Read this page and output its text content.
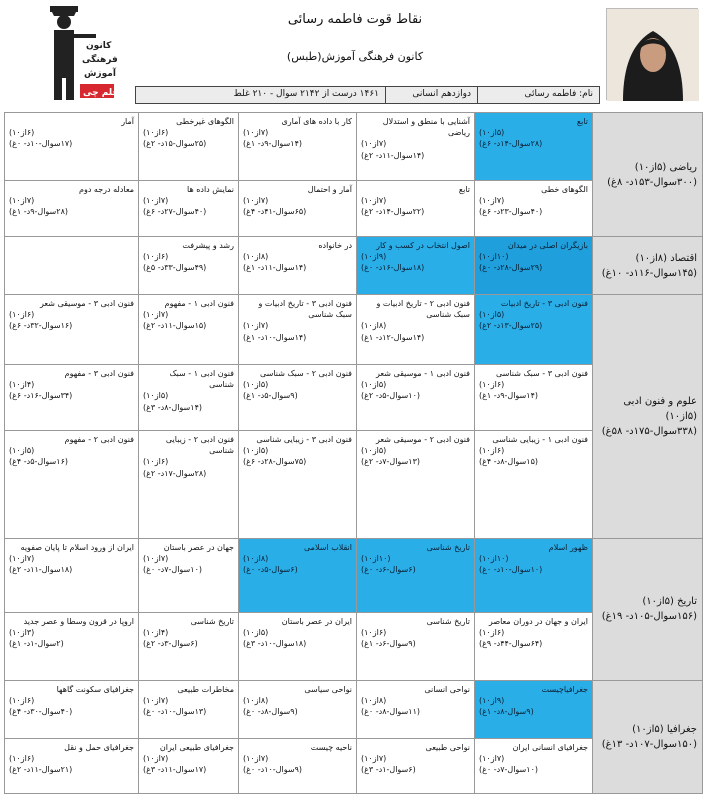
کانون
فرهنگی
آموزش
قلم چی
نقاط قوت فاطمه رسائی
کانون فرهنگی آموزش(طبس)
نام: فاطمه رسائی
دوازدهم انسانی
۱۴۶۱ درست از ۲۱۴۲ سوال - ۲۱۰ غلط
ریاضی (۵از۱۰) (۳۰۰سوال-۱۵۳د- ۸غ)	تابع
(۵از۱۰)
(۲۸سوال-۱۴د- ۶غ)	آشنایی با منطق و استدلال ریاضی
(۷از۱۰)
(۱۴سوال-۱۱د- ۲غ)	کار با داده های آماری
(۷از۱۰)
(۱۴سوال-۹د- ۱غ)	الگوهای غیرخطی
(۶از۱۰)
(۲۵سوال-۱۵د- ۲غ)	آمار
(۶از۱۰)
(۱۷سوال-۱۰د- ۰غ)	

	الگوهای خطی
(۷از۱۰)
(۴۰سوال-۲۳د- ۶غ)	تابع
(۷از۱۰)
(۲۲سوال-۱۴د- ۲غ)	آمار و احتمال
(۷از۱۰)
(۶۵سوال-۴۱د- ۴غ)	نمایش داده ها
(۷از۱۰)
(۴۰سوال-۲۷د- ۶غ)	معادله درجه دوم
(۷از۱۰)
(۲۸سوال-۹د- ۱غ)	

اقتصاد (۸از۱۰) (۱۴۵سوال-۱۱۶د- ۱۰غ)	بازیگران اصلی در میدان
(۱۰از۱۰)
(۲۹سوال-۲۸د- ۰غ)	اصول انتخاب در کسب و کار
(۹از۱۰)
(۱۸سوال-۱۶د- ۰غ)	در خانواده
(۸از۱۰)
(۱۴سوال-۱۱د- ۱غ)	رشد و پیشرفت
(۶از۱۰)
(۴۹سوال-۳۳د- ۵غ)		

علوم و فنون ادبی (۵از۱۰) (۳۳۸سوال-۱۷۵د- ۵۸غ)	فنون ادبی ۳ - تاریخ ادبیات
(۵از۱۰)
(۲۵سوال-۱۳د- ۲غ)	فنون ادبی ۲ - تاریخ ادبیات و سبک شناسی
(۸از۱۰)
(۱۴سوال-۱۲د- ۱غ)	فنون ادبی ۳ - تاریخ ادبیات و سبک شناسی
(۷از۱۰)
(۱۴سوال-۱۰د- ۱غ)	فنون ادبی ۱ - مفهوم
(۷از۱۰)
(۱۵سوال-۱۱د- ۲غ)	فنون ادبی ۳ - موسیقی شعر
(۶از۱۰)
(۱۶سوال-۳۲د- ۶غ)	

	فنون ادبی ۳ - سبک شناسی
(۶از۱۰)
(۱۴سوال-۹د- ۱غ)	فنون ادبی ۱ - موسیقی شعر
(۵از۱۰)
(۱۰سوال-۵د- ۲غ)	فنون ادبی ۲ - سبک شناسی
(۵از۱۰)
(۹سوال-۵د- ۱غ)	فنون ادبی ۱ - سبک شناسی
(۵از۱۰)
(۱۴سوال-۸د- ۳غ)	فنون ادبی ۳ - مفهوم
(۴از۱۰)
(۳۴سوال-۱۶د- ۶غ)	

	فنون ادبی ۱ - زیبایی شناسی
(۶از۱۰)
(۱۵سوال-۸د- ۴غ)	فنون ادبی ۲ - موسیقی شعر
(۵از۱۰)
(۱۳سوال-۷د- ۲غ)	فنون ادبی ۳ - زیبایی شناسی
(۵از۱۰)
(۷۵سوال-۲۸د- ۶غ)	فنون ادبی ۲ - زیبایی شناسی
(۶از۱۰)
(۲۸سوال-۱۷د- ۲غ)	فنون ادبی ۲ - مفهوم
(۵از۱۰)
(۱۶سوال-۵د- ۴غ)

تاریخ (۵از۱۰) (۱۵۶سوال-۱۰۵د- ۱۹غ)	ظهور اسلام
(۱۰از۱۰)
(۱۰سوال-۱۰د- ۰غ)	تاریخ شناسی
(۱۰از۱۰)
(۶سوال-۶د- ۰غ)	انقلاب اسلامی
(۸از۱۰)
(۶سوال-۵د- ۰غ)	جهان در عصر باستان
(۷از۱۰)
(۱۰سوال-۷د- ۰غ)	ایران از ورود اسلام تا پایان صفویه
(۷از۱۰)
(۱۸سوال-۱۱د- ۲غ)	

	ایران و جهان در دوران معاصر
(۶از۱۰)
(۶۴سوال-۴۴د- ۹غ)	تاریخ شناسی
(۶از۱۰)
(۹سوال-۶د- ۱غ)	ایران در عصر باستان
(۵از۱۰)
(۱۸سوال-۱۰د- ۳غ)	تاریخ شناسی
(۴از۱۰)
(۶سوال-۳د- ۲غ)	اروپا در قرون وسطا و عصر جدید
(۳از۱۰)
(۲سوال-۱د- ۱غ)	

جغرافیا (۵از۱۰) (۱۵۰سوال-۱۰۷د- ۱۳غ)	جغرافیاچیست
(۹از۱۰)
(۹سوال-۸د- ۱غ)	نواحی انسانی
(۸از۱۰)
(۱۱سوال-۸د- ۰غ)	نواحی سیاسی
(۸از۱۰)
(۹سوال-۸د- ۰غ)	مخاطرات طبیعی
(۷از۱۰)
(۱۳سوال-۱۰د- ۰غ)	جغرافیای سکونت گاهها
(۶از۱۰)
(۴۰سوال-۳۰د- ۴غ)	

	جغرافیای انسانی ایران
(۷از۱۰)
(۱۰سوال-۷د- ۰غ)	نواحی طبیعی
(۷از۱۰)
(۶سوال-۱د- ۳غ)	ناحیه چیست
(۷از۱۰)
(۹سوال-۱۰د- ۰غ)	جغرافیای طبیعی ایران
(۷از۱۰)
(۱۷سوال-۱۱د- ۳غ)	جغرافیای حمل و نقل
(۶از۱۰)
(۲۱سوال-۱۱د- ۲غ)	
